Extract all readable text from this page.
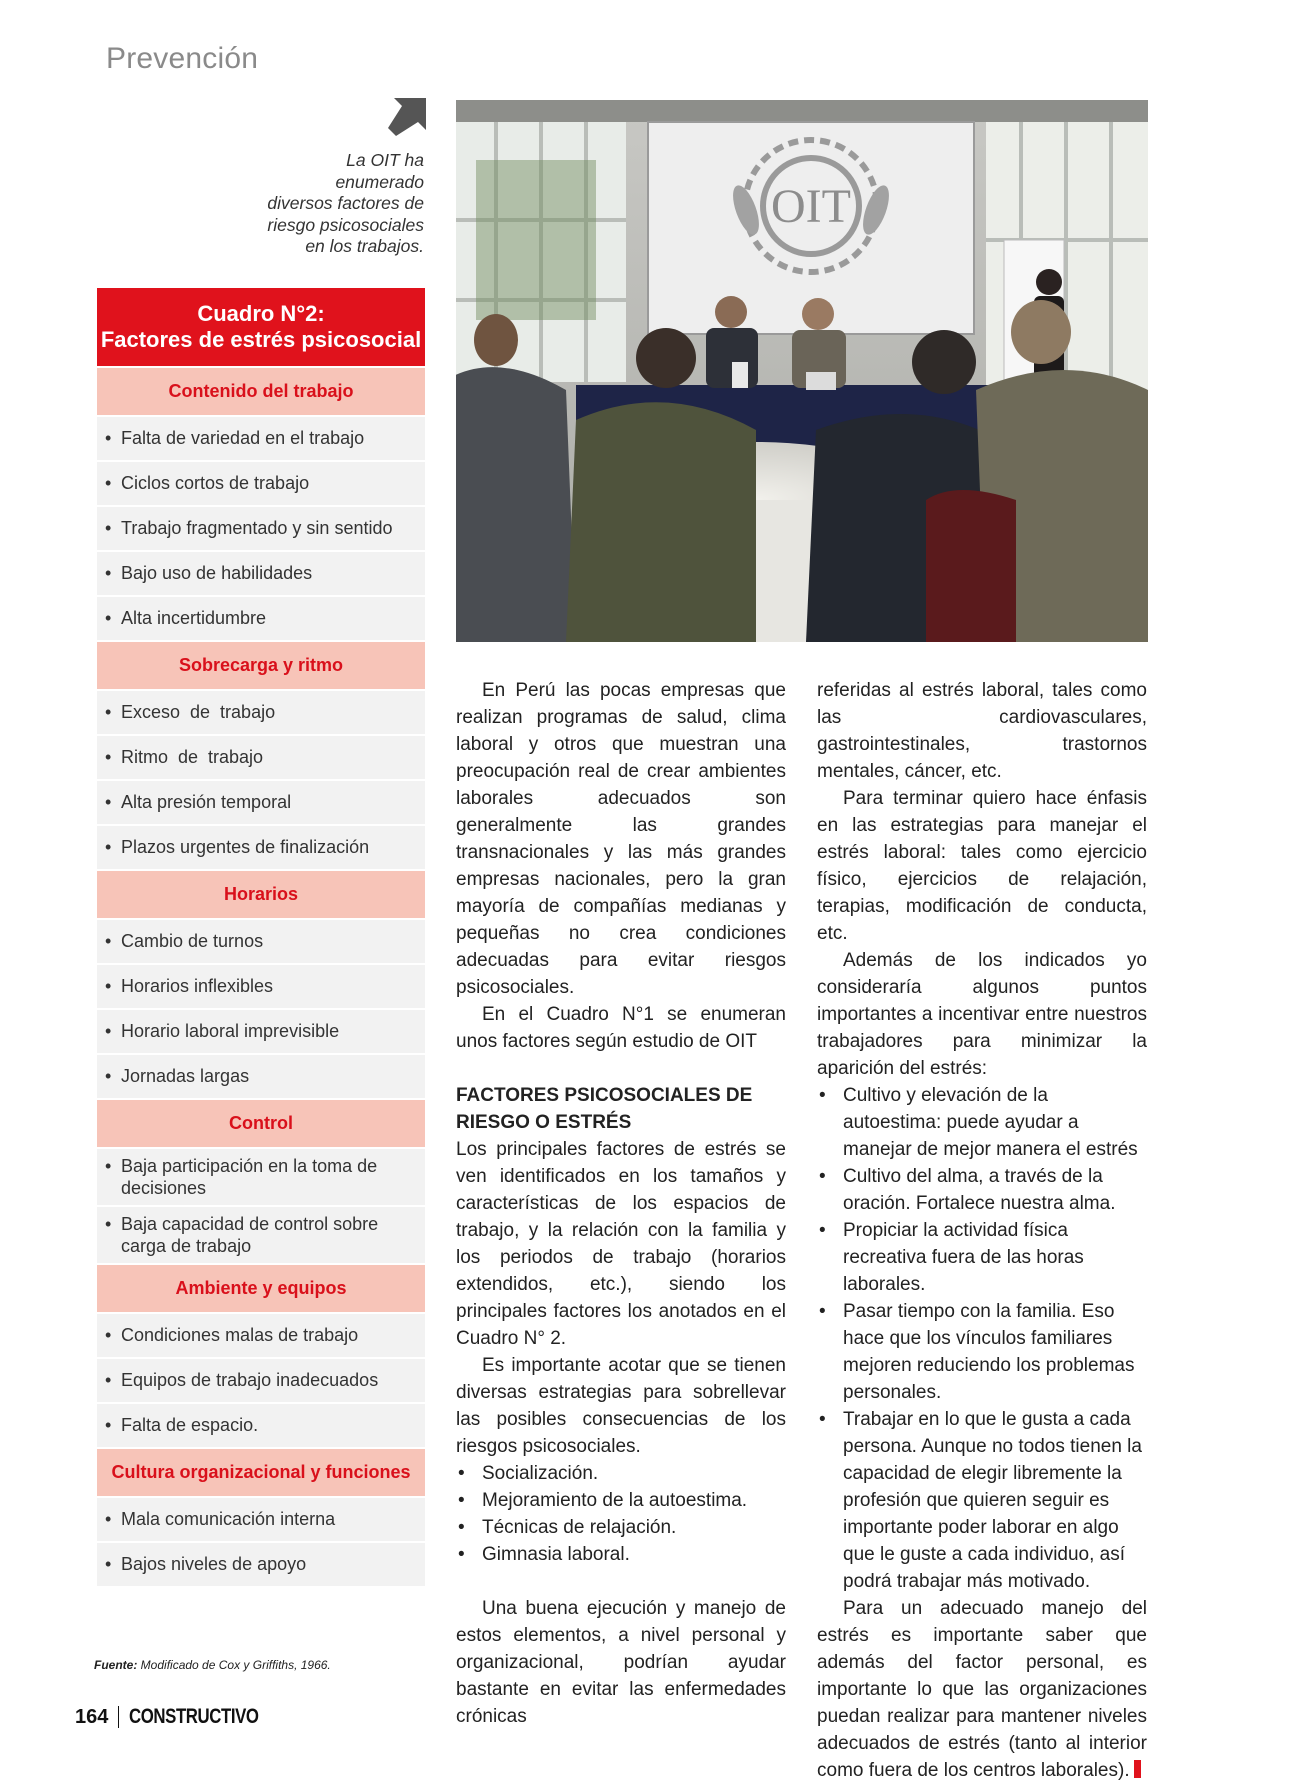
Prevención
La OIT ha
enumerado
diversos factores de
riesgo psicosociales
en los trabajos.
Cuadro N°2:
Factores de estrés psicosocial
Contenido del trabajo
• Falta de variedad en el trabajo
• Ciclos cortos de trabajo
• Trabajo fragmentado y sin sentido
• Bajo uso de habilidades
• Alta incertidumbre
Sobrecarga y ritmo
• Exceso  de  trabajo
• Ritmo  de  trabajo
• Alta presión temporal
• Plazos urgentes de finalización
Horarios
• Cambio de turnos
• Horarios inflexibles
• Horario laboral imprevisible
• Jornadas largas
Control
• Baja participación en la toma de decisiones
• Baja capacidad de control sobre carga de trabajo
Ambiente y equipos
• Condiciones malas de trabajo
• Equipos de trabajo inadecuados
• Falta de espacio.
Cultura organizacional y funciones
• Mala comunicación interna
• Bajos niveles de apoyo
Fuente: Modificado de Cox y Griffiths, 1966.
OIT

En Perú las pocas empresas que realizan programas de salud, clima laboral y otros que muestran una preocupación real de crear ambientes laborales adecuados son generalmente las grandes transnacionales y las más grandes empresas nacionales, pero la gran mayoría de compañías medianas y pequeñas no crea condiciones adecuadas para evitar riesgos psicosociales.

En el Cuadro N°1 se enumeran unos factores según estudio de OIT

FACTORES PSICOSOCIALES DE RIESGO O ESTRÉS

Los principales factores de estrés se ven identificados en los tamaños y características de los espacios de trabajo, y la relación con la familia y los periodos de trabajo (horarios extendidos, etc.), siendo los principales factores los anotados en el Cuadro N° 2.

Es importante acotar que se tienen diversas estrategias para sobrellevar las posibles consecuencias de los riesgos psicosociales.

• Socialización.
• Mejoramiento de la autoestima.
• Técnicas de relajación.
• Gimnasia laboral.

Una buena ejecución y manejo de estos elementos, a nivel personal y organizacional, podrían ayudar bastante en evitar las enfermedades crónicas

referidas al estrés laboral, tales como las cardiovasculares, gastrointestinales, trastornos mentales, cáncer, etc.

Para terminar quiero hace énfasis en las estrategias para manejar el estrés laboral: tales como ejercicio físico, ejercicios de relajación, terapias, modificación de conducta, etc.

Además de los indicados yo consideraría algunos puntos importantes a incentivar entre nuestros trabajadores para minimizar la aparición del estrés:

• Cultivo y elevación de la autoestima: puede ayudar a manejar de mejor manera el estrés
• Cultivo del alma, a través de la oración. Fortalece nuestra alma.
• Propiciar la actividad física recreativa fuera de las horas laborales.
• Pasar tiempo con la familia. Eso hace que los vínculos familiares mejoren reduciendo los problemas personales.
• Trabajar en lo que le gusta a cada persona. Aunque no todos tienen la capacidad de elegir libremente la profesión que quieren seguir es importante poder laborar en algo que le guste a cada individuo, así podrá trabajar más motivado.

Para un adecuado manejo del estrés es importante saber que además del factor personal, es importante lo que las organizaciones puedan realizar para mantener niveles adecuados de estrés (tanto al interior como fuera de los centros laborales).

164 CONSTRUCTIVO
